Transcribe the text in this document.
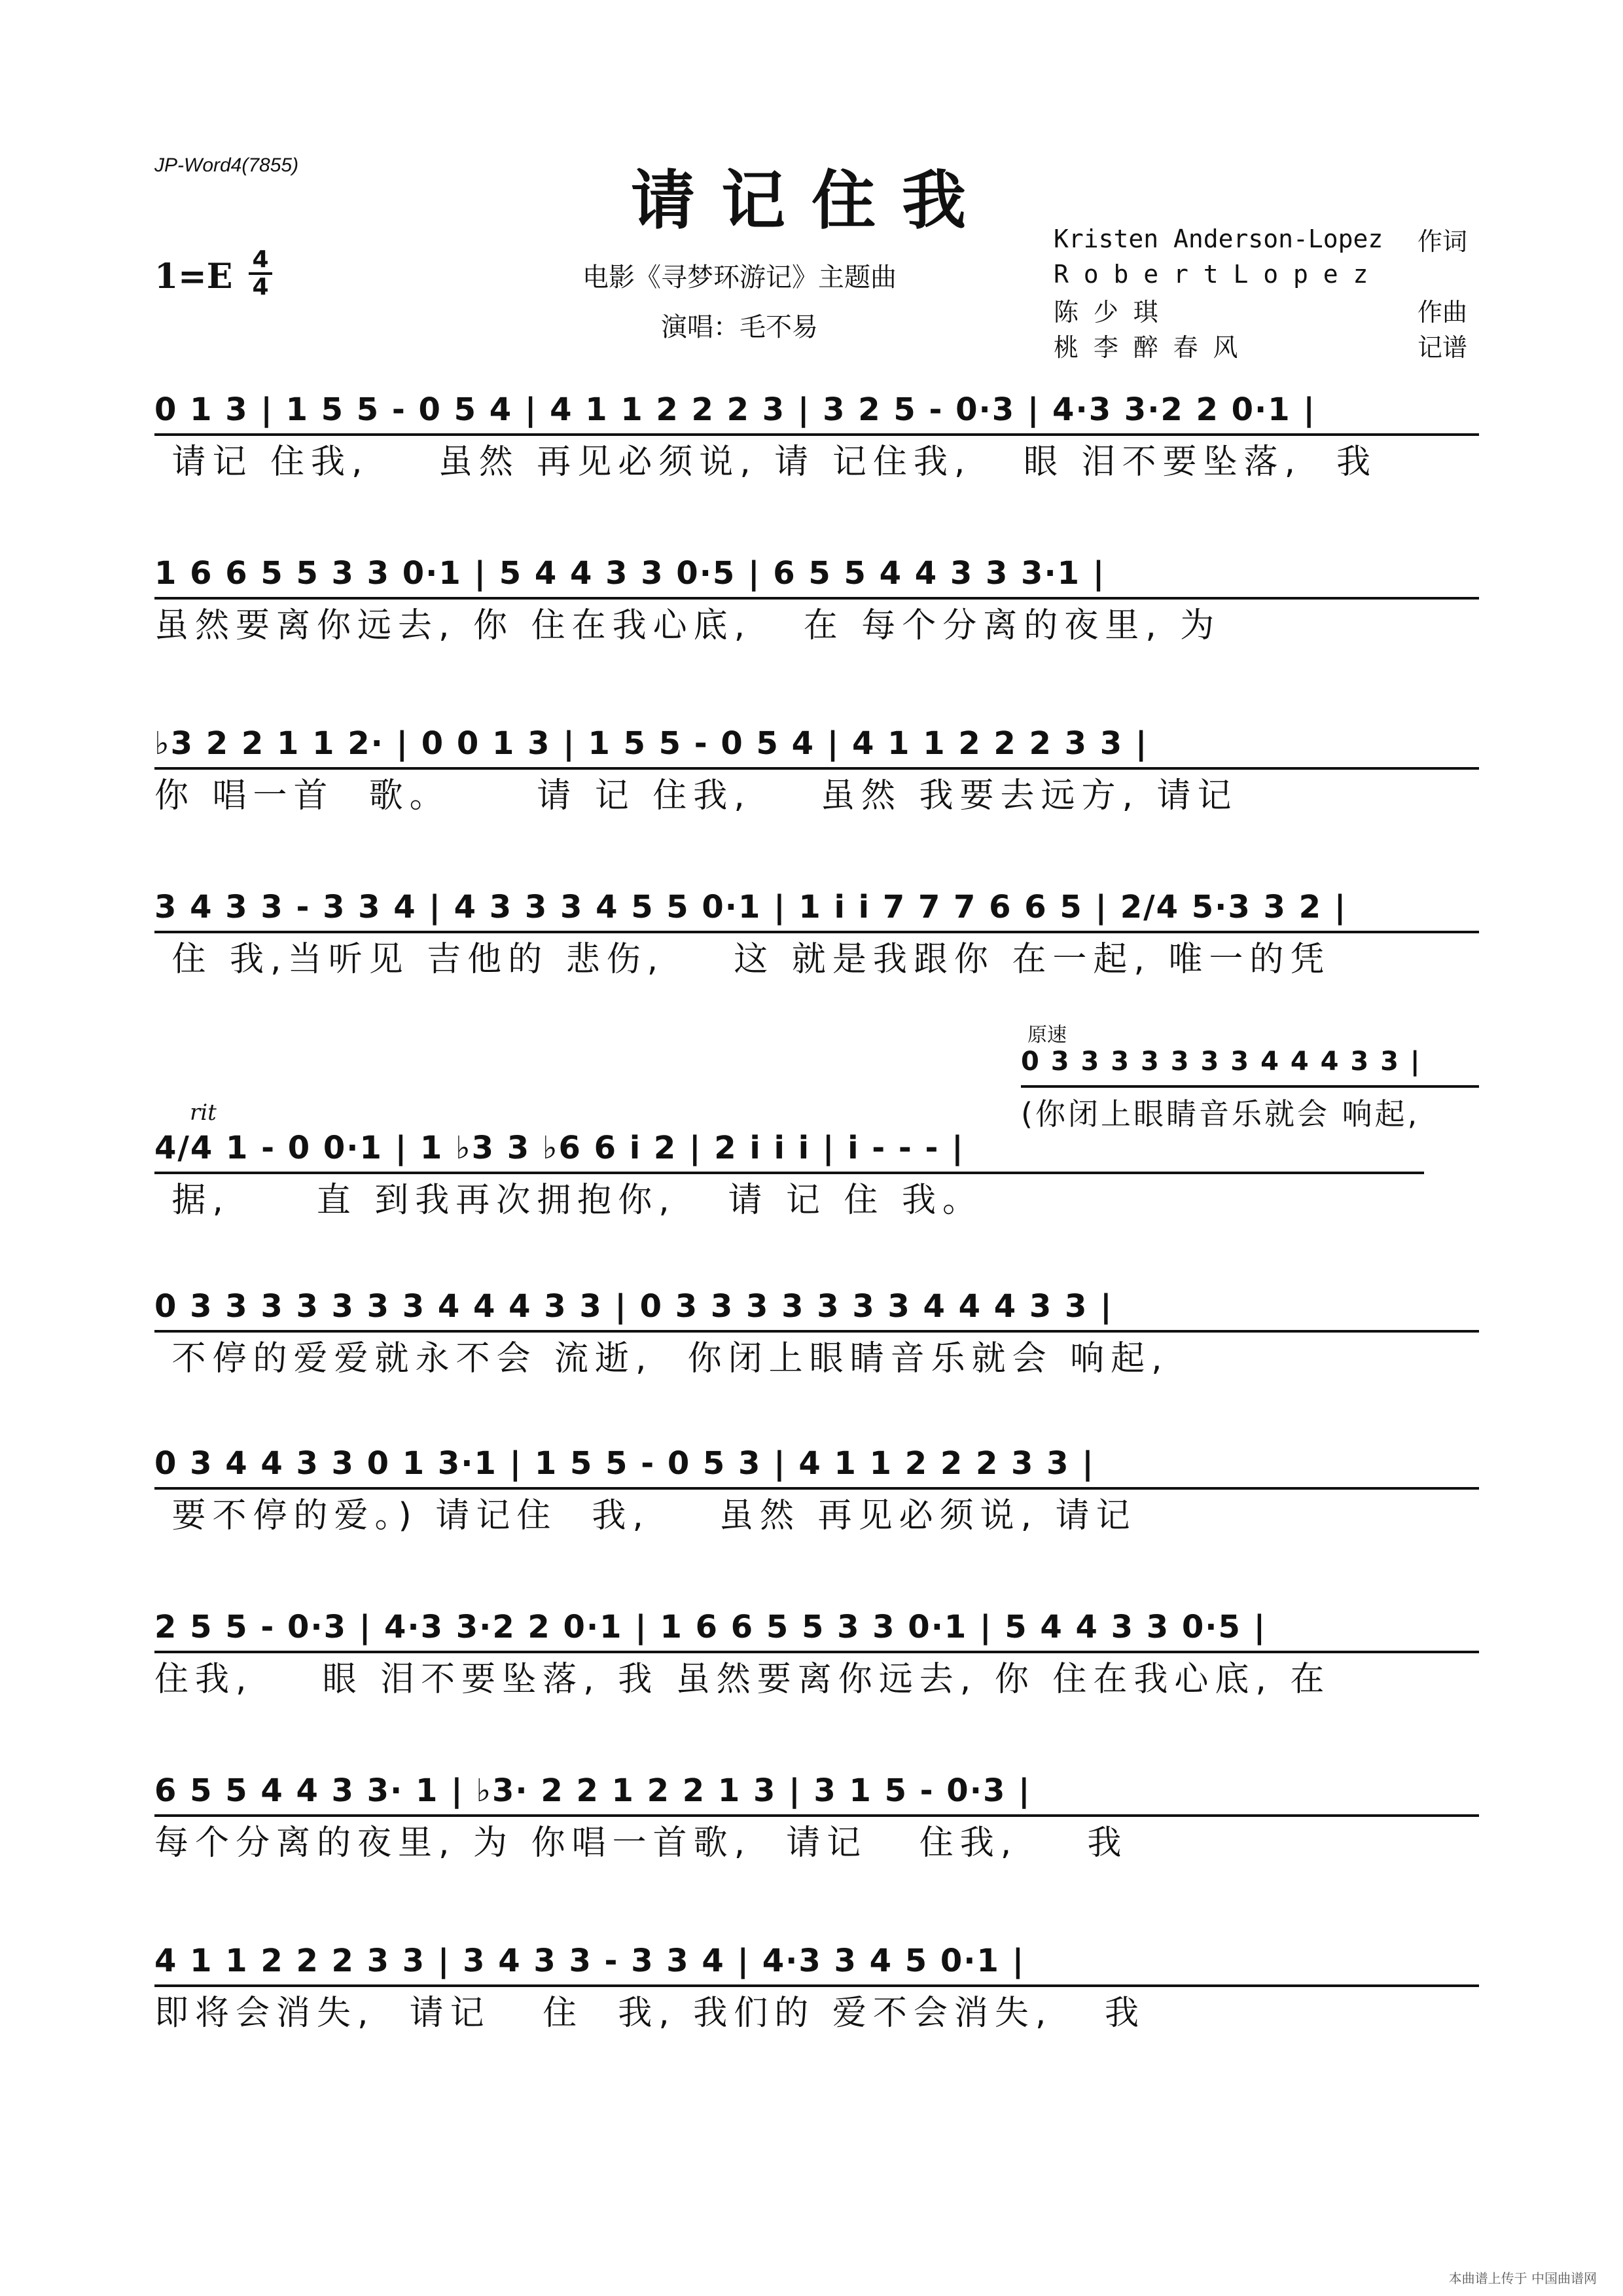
JP-Word4(7855)	请记住我
电影《寻梦环游记》主题曲
演唱：毛不易
1=E 4
4
Kristen Anderson-Lopez	作词
R o b e r t L o p e z
陈 少 琪	作曲
桃 李 醉 春 风	记谱
0 1 3 | 1 5 5 - 0 5 4 | 4 1 1 2 2 2 3 | 3 2 5 - 0·3 | 4·3 3·2 2 0·1 |
请记 住我,    虽然 再见必须说, 请 记住我,   眼 泪不要坠落,  我
1 6 6 5 5 3 3 0·1 | 5 4 4 3 3 0·5 | 6 5 5 4 4 3 3 3·1 |
虽然要离你远去, 你 住在我心底,   在 每个分离的夜里, 为
♭3 2 2 1 1 2· | 0 0 1 3 | 1 5 5 - 0 5 4 | 4 1 1 2 2 2 3 3 |
你 唱一首  歌。     请 记 住我,    虽然 我要去远方, 请记
3 4 3 3 - 3 3 4 | 4 3 3 3 4 5 5 0·1 | 1 i i 7 7 7 6 6 5 | 2/4 5·3 3 2 |
住 我,当听见 吉他的 悲伤,    这 就是我跟你 在一起, 唯一的凭
原速
0 3 3 3 3 3 3 3 4 4 4 3 3 |
(你闭上眼睛音乐就会 响起,
rit
4/4 1 - 0 0·1 | 1 ♭3 3 ♭6 6 i 2 | 2 i i i | i - - - |
据,     直 到我再次拥抱你,   请 记 住 我。
0 3 3 3 3 3 3 3 4 4 4 3 3 | 0 3 3 3 3 3 3 3 4 4 4 3 3 |
不停的爱爱就永不会 流逝,  你闭上眼睛音乐就会 响起,
0 3 4 4 3 3 0 1 3·1 | 1 5 5 - 0 5 3 | 4 1 1 2 2 2 3 3 |
要不停的爱。) 请记住  我,    虽然 再见必须说, 请记
2 5 5 - 0·3 | 4·3 3·2 2 0·1 | 1 6 6 5 5 3 3 0·1 | 5 4 4 3 3 0·5 |
住我,    眼 泪不要坠落, 我 虽然要离你远去, 你 住在我心底, 在
6 5 5 4 4 3 3· 1 | ♭3· 2 2 1 2 2 1 3 | 3 1 5 - 0·3 |
每个分离的夜里, 为 你唱一首歌,  请记   住我,    我
4 1 1 2 2 2 3 3 | 3 4 3 3 - 3 3 4 | 4·3 3 4 5 0·1 |
即将会消失,  请记   住  我, 我们的 爱不会消失,   我
本曲谱上传于 中国曲谱网
